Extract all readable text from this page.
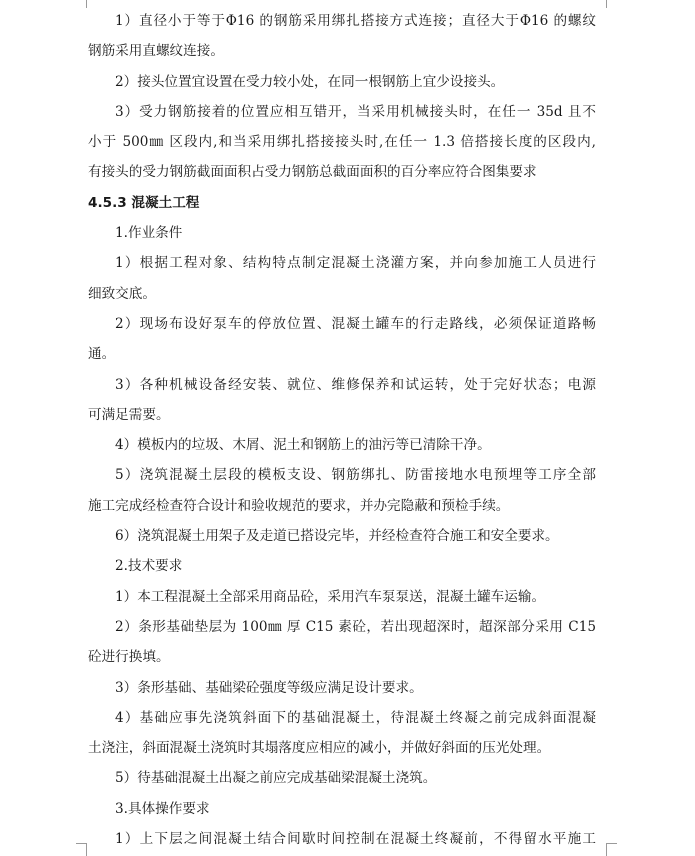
1）直径小于等于Φ16 的钢筋采用绑扎搭接方式连接；直径大于Φ16 的螺纹
钢筋采用直螺纹连接。
2）接头位置宜设置在受力较小处，在同一根钢筋上宜少设接头。
3）受力钢筋接着的位置应相互错开，当采用机械接头时，在任一 35d 且不
小于 500㎜ 区段内,和当采用绑扎搭接接头时,在任一 1.3 倍搭接长度的区段内,
有接头的受力钢筋截面面积占受力钢筋总截面面积的百分率应符合图集要求
4.5.3 混凝土工程
1.作业条件
1）根据工程对象、结构特点制定混凝土浇灌方案，并向参加施工人员进行
细致交底。
2）现场布设好泵车的停放位置、混凝土罐车的行走路线，必须保证道路畅
通。
3）各种机械设备经安装、就位、维修保养和试运转，处于完好状态；电源
可满足需要。
4）模板内的垃圾、木屑、泥土和钢筋上的油污等已清除干净。
5）浇筑混凝土层段的模板支设、钢筋绑扎、防雷接地水电预埋等工序全部
施工完成经检查符合设计和验收规范的要求，并办完隐蔽和预检手续。
6）浇筑混凝土用架子及走道已搭设完毕，并经检查符合施工和安全要求。
2.技术要求
1）本工程混凝土全部采用商品砼，采用汽车泵泵送，混凝土罐车运输。
2）条形基础垫层为 100㎜ 厚 C15 素砼，若出现超深时，超深部分采用 C15
砼进行换填。
3）条形基础、基础梁砼强度等级应满足设计要求。
4）基础应事先浇筑斜面下的基础混凝土，待混凝土终凝之前完成斜面混凝
土浇注，斜面混凝土浇筑时其塌落度应相应的减小，并做好斜面的压光处理。
5）待基础混凝土出凝之前应完成基础梁混凝土浇筑。
3.具体操作要求
1）上下层之间混凝土结合间歇时间控制在混凝土终凝前，不得留水平施工
